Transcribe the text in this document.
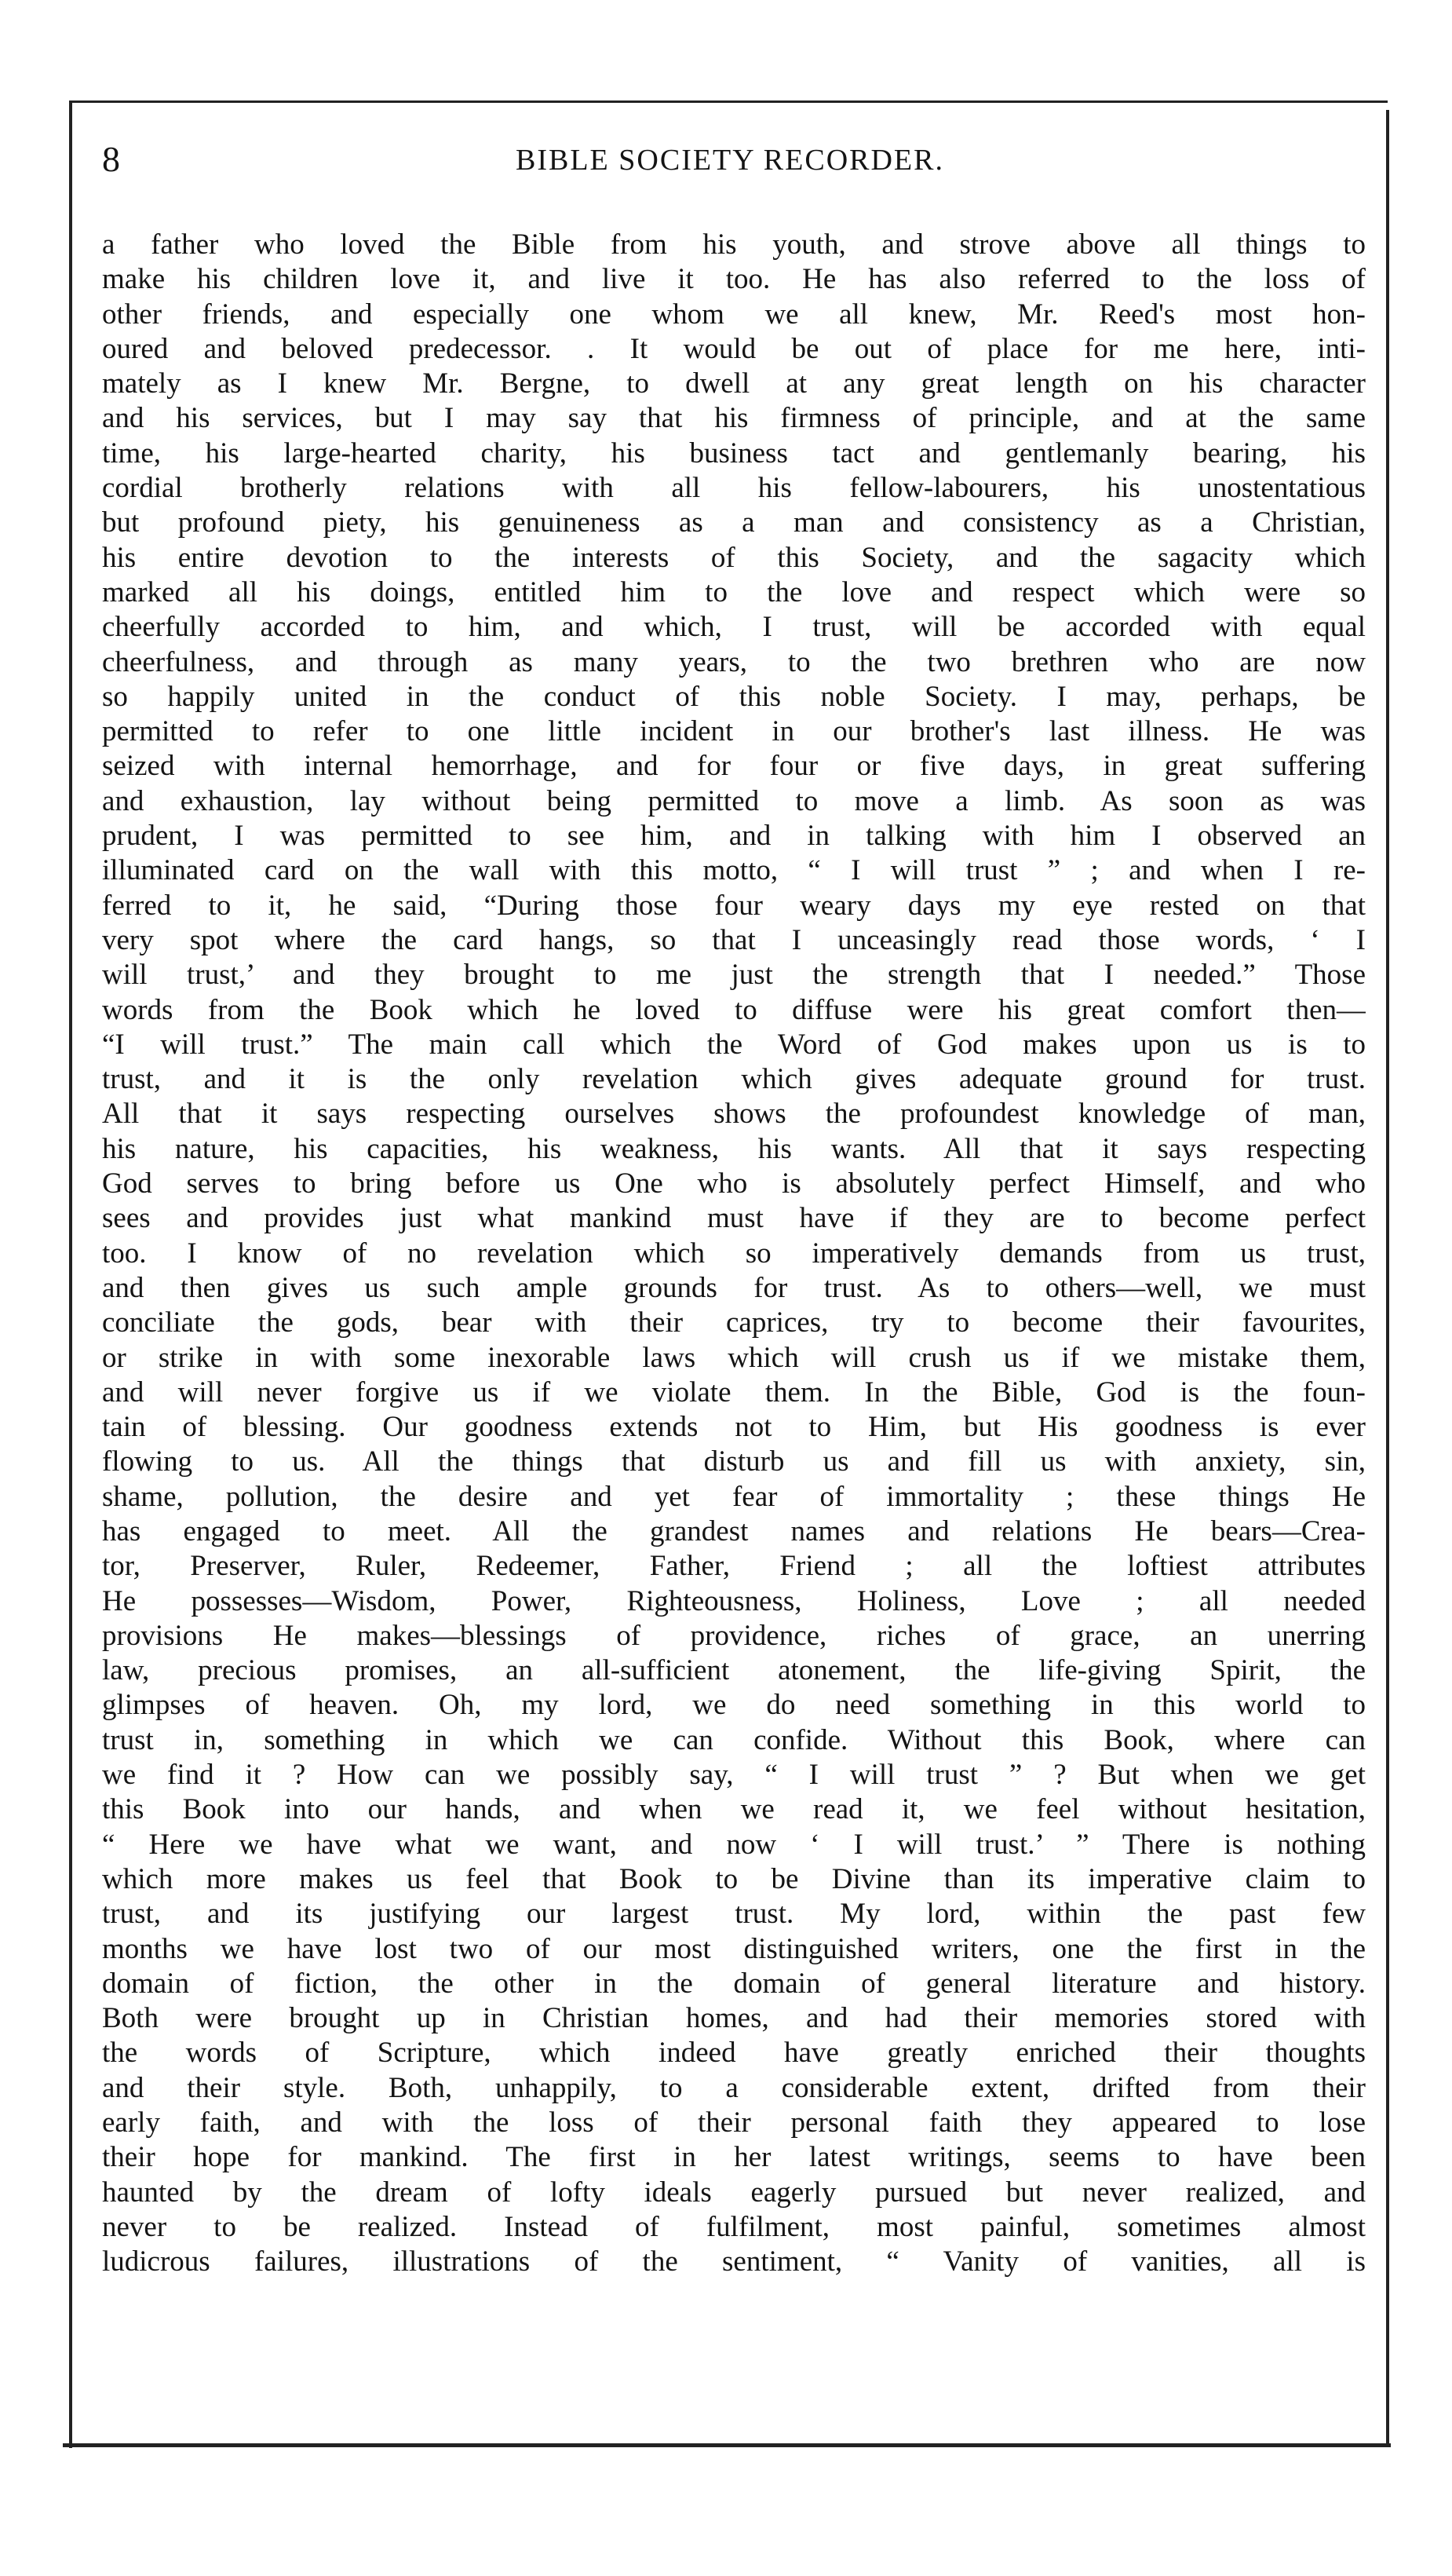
8	BIBLE SOCIETY RECORDER.
a father who loved the Bible from his youth, and strove above all things to
make his children love it, and live it too. He has also referred to the loss of
other friends, and especially one whom we all knew, Mr. Reed's most hon-
oured and beloved predecessor. . It would be out of place for me here, inti-
mately as I knew Mr. Bergne, to dwell at any great length on his character
and his services, but I may say that his firmness of principle, and at the same
time, his large-hearted charity, his business tact and gentlemanly bearing, his
cordial brotherly relations with all his fellow-labourers, his unostentatious
but profound piety, his genuineness as a man and consistency as a Christian,
his entire devotion to the interests of this Society, and the sagacity which
marked all his doings, entitled him to the love and respect which were so
cheerfully accorded to him, and which, I trust, will be accorded with equal
cheerfulness, and through as many years, to the two brethren who are now
so happily united in the conduct of this noble Society. I may, perhaps, be
permitted to refer to one little incident in our brother's last illness. He was
seized with internal hemorrhage, and for four or five days, in great suffering
and exhaustion, lay without being permitted to move a limb. As soon as was
prudent, I was permitted to see him, and in talking with him I observed an
illuminated card on the wall with this motto, “ I will trust ” ; and when I re-
ferred to it, he said, “During those four weary days my eye rested on that
very spot where the card hangs, so that I unceasingly read those words, ‘ I
will trust,’ and they brought to me just the strength that I needed.” Those
words from the Book which he loved to diffuse were his great comfort then—
“I will trust.” The main call which the Word of God makes upon us is to
trust, and it is the only revelation which gives adequate ground for trust.
All that it says respecting ourselves shows the profoundest knowledge of man,
his nature, his capacities, his weakness, his wants. All that it says respecting
God serves to bring before us One who is absolutely perfect Himself, and who
sees and provides just what mankind must have if they are to become perfect
too. I know of no revelation which so imperatively demands from us trust,
and then gives us such ample grounds for trust. As to others—well, we must
conciliate the gods, bear with their caprices, try to become their favourites,
or strike in with some inexorable laws which will crush us if we mistake them,
and will never forgive us if we violate them. In the Bible, God is the foun-
tain of blessing. Our goodness extends not to Him, but His goodness is ever
flowing to us. All the things that disturb us and fill us with anxiety, sin,
shame, pollution, the desire and yet fear of immortality ; these things He
has engaged to meet. All the grandest names and relations He bears—Crea-
tor, Preserver, Ruler, Redeemer, Father, Friend ; all the loftiest attributes
He possesses—Wisdom, Power, Righteousness, Holiness, Love ; all needed
provisions He makes—blessings of providence, riches of grace, an unerring
law, precious promises, an all-sufficient atonement, the life-giving Spirit, the
glimpses of heaven. Oh, my lord, we do need something in this world to
trust in, something in which we can confide. Without this Book, where can
we find it ? How can we possibly say, “ I will trust ” ? But when we get
this Book into our hands, and when we read it, we feel without hesitation,
“ Here we have what we want, and now ‘ I will trust.’ ” There is nothing
which more makes us feel that Book to be Divine than its imperative claim to
trust, and its justifying our largest trust. My lord, within the past few
months we have lost two of our most distinguished writers, one the first in the
domain of fiction, the other in the domain of general literature and history.
Both were brought up in Christian homes, and had their memories stored with
the words of Scripture, which indeed have greatly enriched their thoughts
and their style. Both, unhappily, to a considerable extent, drifted from their
early faith, and with the loss of their personal faith they appeared to lose
their hope for mankind. The first in her latest writings, seems to have been
haunted by the dream of lofty ideals eagerly pursued but never realized, and
never to be realized. Instead of fulfilment, most painful, sometimes almost
ludicrous failures, illustrations of the sentiment, “ Vanity of vanities, all is
